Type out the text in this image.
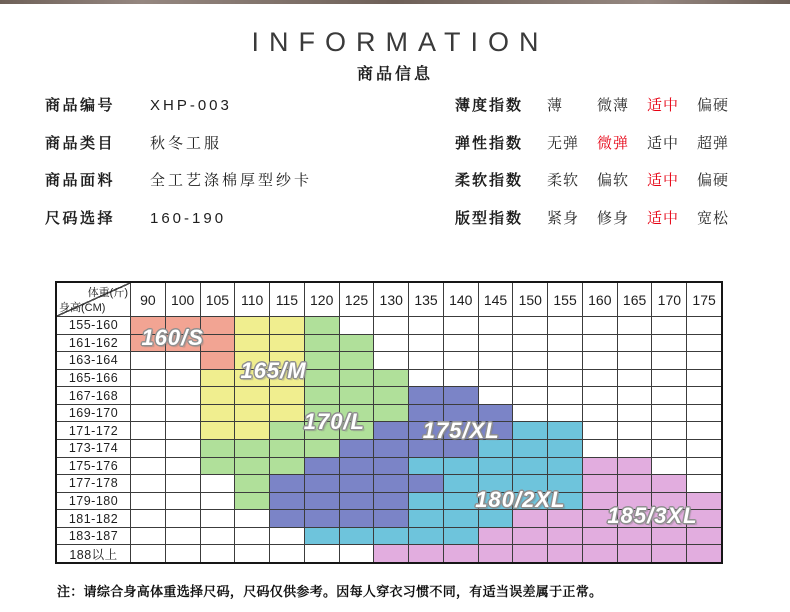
INFORMATION
商品信息
商品编号 XHP-003
商品类目 秋冬工服
商品面料 全工艺涤棉厚型纱卡
尺码选择 160-190
薄度指数 薄 微薄 适中 偏硬
弹性指数 无弹 微弹 适中 超弹
柔软指数 柔软 偏软 适中 偏硬
版型指数 紧身 修身 适中 宽松
体重(斤)
身高(CM)
90	100 105 110 115 120 125 130 135 140 145 150 155 160 165 170 175
155-160
161-162
163-164
165-166
167-168
169-170
171-172
173-174
175-176
177-178
179-180
181-182
183-187
188以上
160/S
165/M
170/L	175/XL
180/2XL
185/3XL
注：请综合身高体重选择尺码，尺码仅供参考。因每人穿衣习惯不同，有适当误差属于正常。
